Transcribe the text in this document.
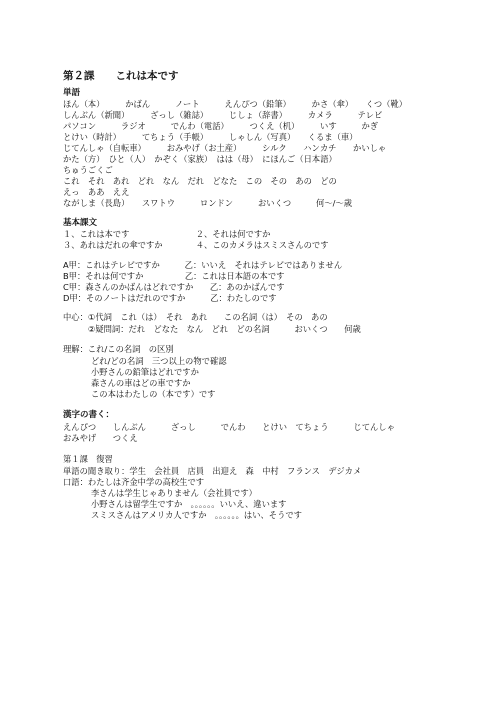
第２課　　これは本です
単語
ほん（本）　　　かばん　　　ノート　　　えんぴつ（鉛筆）　　　かさ（傘）　　くつ（靴）
しんぶん（新聞）　　　ざっし（雑誌）　　　じしょ（辞書）　　　カメラ　　　テレビ
パソコン　　　ラジオ　　　でんわ（電話）　　　つくえ（机）　　　いす　　　かぎ
とけい（時計）　　　てちょう（手帳）　　　しゃしん（写真）　　くるま（車）
じてんしゃ（自転車）　　　おみやげ（お土産）　　　シルク　　ハンカチ　　かいしゃ
かた（方）　ひと（人）　かぞく（家族）　はは（母）　にほんご（日本語）
ちゅうごくご
これ　それ　あれ　どれ　なん　だれ　どなた　この　その　あの　どの
えっ　ああ　ええ
ながしま（長島）　　スワトウ　　　ロンドン　　　おいくつ　　　何〜/〜歳
基本課文
１、これは本です　　　　　　　　２、それは何ですか
３、あれはだれの傘ですか　　　　４、このカメラはスミスさんのです
A甲：これはテレビですか　　　乙：いいえ　それはテレビではありません
B甲：それは何ですか　　　　　乙：これは日本語の本です
C甲：森さんのかばんはどれですか　　乙：あのかばんです
D甲：そのノートはだれのですか　　　乙：わたしのです
中心：①代詞　これ（は）　それ　あれ　　この名詞（は）　その　あの
　　　②疑問詞：だれ　どなた　なん　どれ　どの名詞　　　おいくつ　　何歳
理解：これ/この名詞　の区別
どれ/どの名詞　三つ以上の物で確認
小野さんの鉛筆はどれですか
森さんの車はどの車ですか
この本はわたしの（本です）です
漢字の書く：
えんぴつ　　しんぶん　　　ざっし　　　でんわ　　とけい　てちょう　　　じてんしゃ
おみやげ　　つくえ
第１課　復習
単語の聞き取り：学生　会社員　店員　出迎え　森　中村　フランス　デジカメ
口語：わたしは齐金中学の高校生です
李さんは学生じゃありません（会社員です）
小野さんは留学生ですか　。。。。。。いいえ、違います
スミスさんはアメリカ人ですか　。。。。。。はい、そうです
